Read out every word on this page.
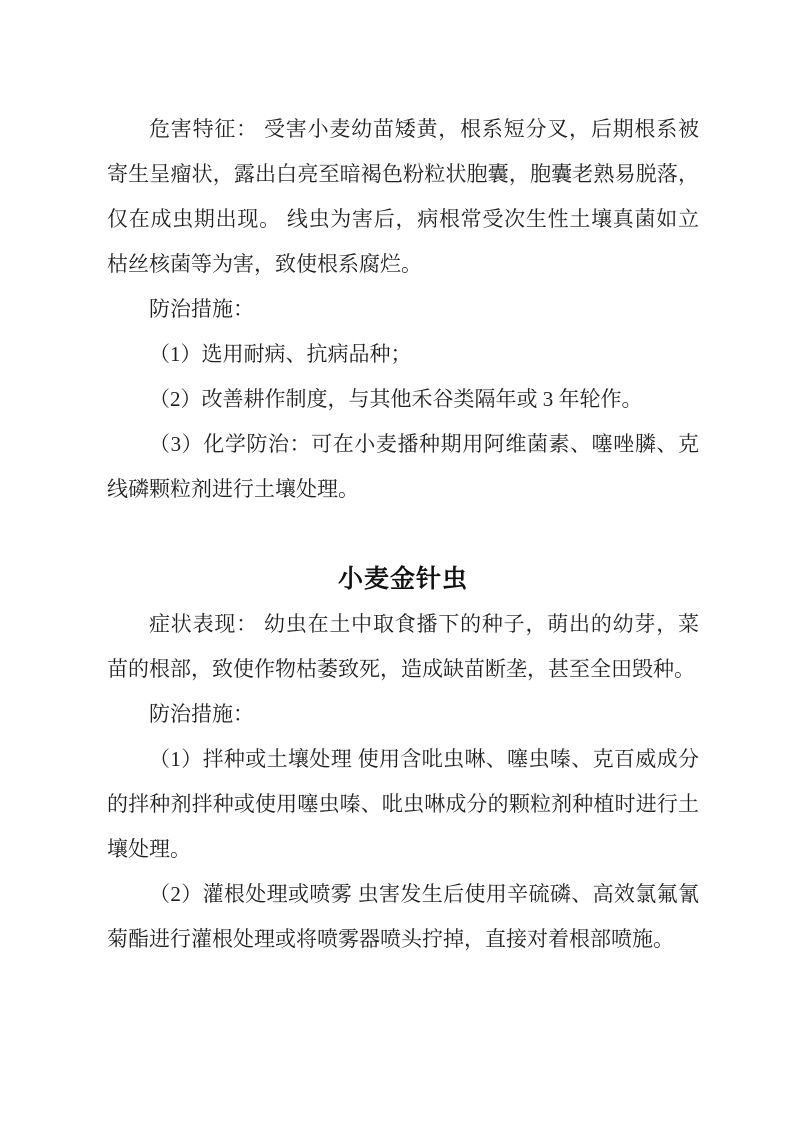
危害特征： 受害小麦幼苗矮黄，根系短分叉，后期根系被寄生呈瘤状，露出白亮至暗褐色粉粒状胞囊，胞囊老熟易脱落，仅在成虫期出现。 线虫为害后，病根常受次生性土壤真菌如立枯丝核菌等为害，致使根系腐烂。

防治措施：

（1）选用耐病、抗病品种；

（2）改善耕作制度，与其他禾谷类隔年或 3 年轮作。

（3）化学防治：可在小麦播种期用阿维菌素、噻唑膦、克线磷颗粒剂进行土壤处理。

小麦金针虫

症状表现： 幼虫在土中取食播下的种子，萌出的幼芽，菜苗的根部，致使作物枯萎致死，造成缺苗断垄，甚至全田毁种。

防治措施：

（1）拌种或土壤处理 使用含吡虫啉、噻虫嗪、克百威成分的拌种剂拌种或使用噻虫嗪、吡虫啉成分的颗粒剂种植时进行土壤处理。

（2）灌根处理或喷雾 虫害发生后使用辛硫磷、高效氯氟氰菊酯进行灌根处理或将喷雾器喷头拧掉，直接对着根部喷施。
